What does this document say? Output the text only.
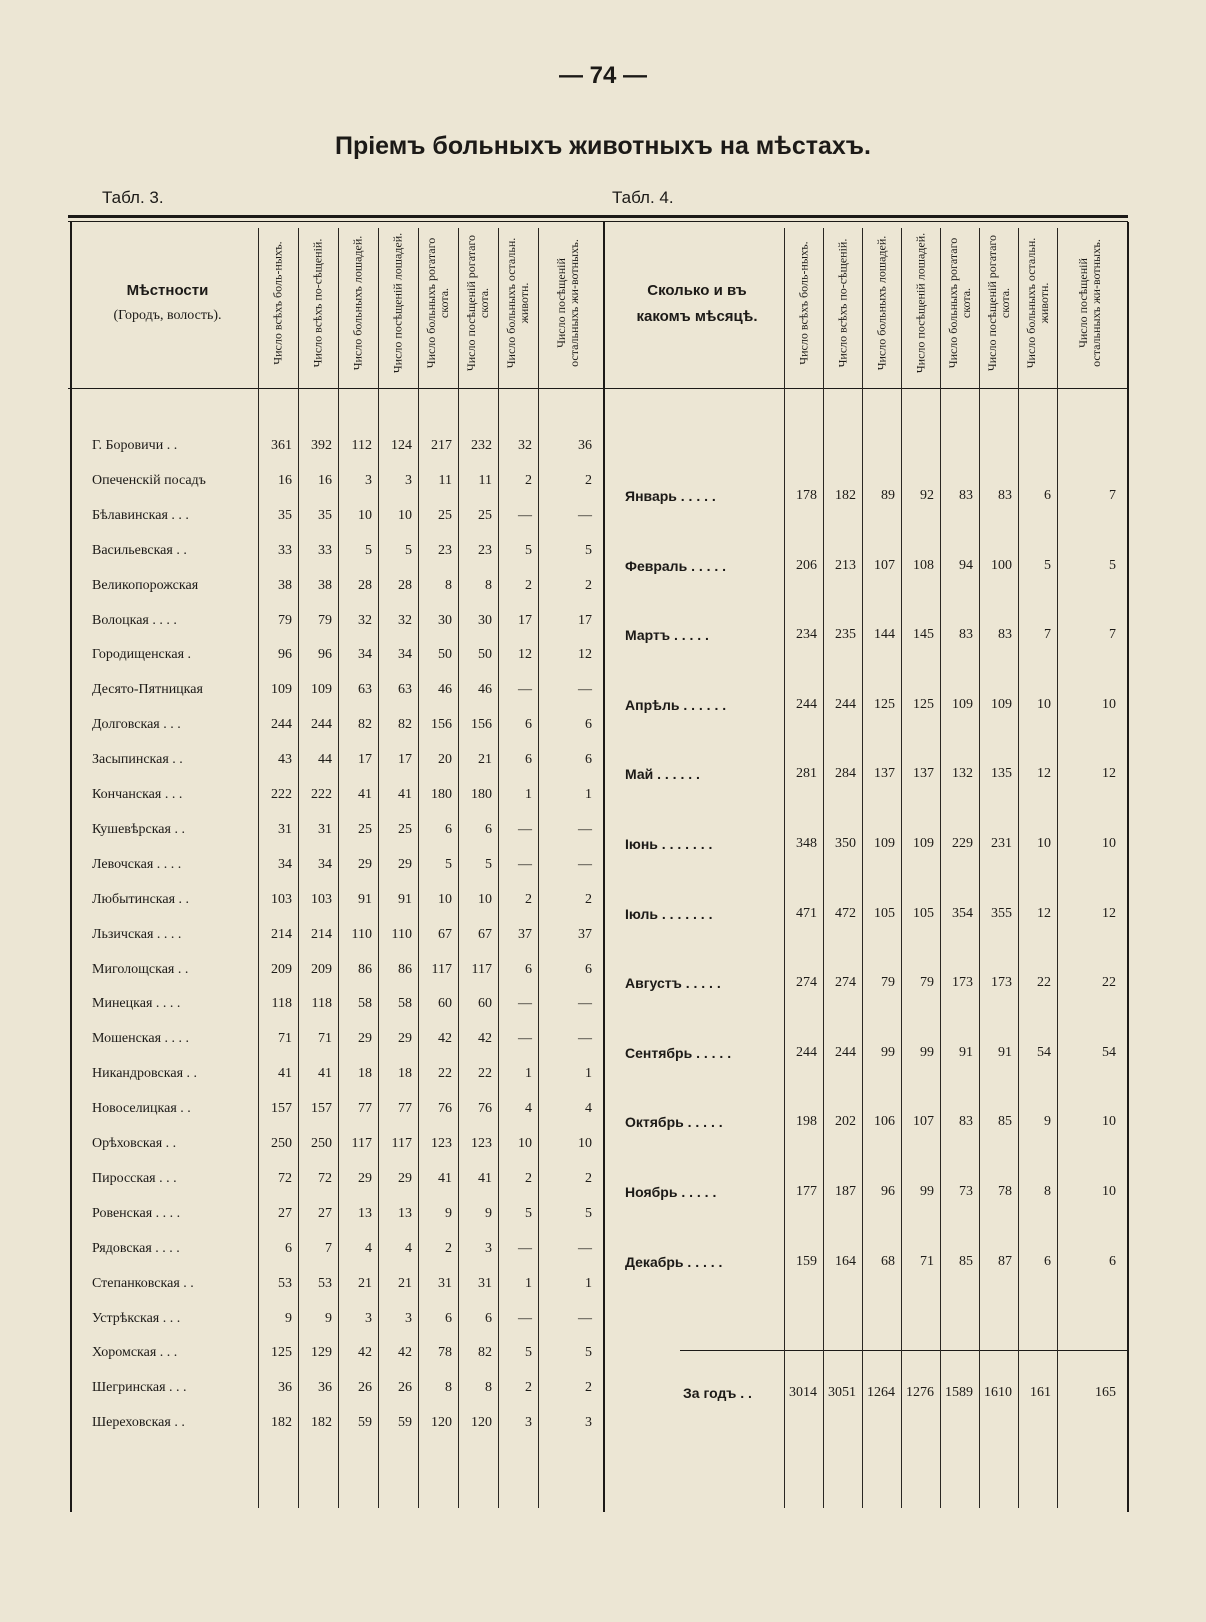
— 74 —
Пріемъ больныхъ животныхъ на мѣстахъ.
Табл. 3.	Табл. 4.
Мѣстности
(Городъ, волость).	Число всѣхъ боль-ныхъ. Число всѣхъ по-сѣщеній. Число больныхъ лошадей. Число посѣщеній лошадей. Число больныхъ рогатаго скота. Число посѣщеній рогатаго скота. Число больныхъ остальн. животн. Число посѣщеній остальныхъ жи-вотныхъ.	Сколько и въ
какомъ мѣсяцѣ.	Число всѣхъ боль-ныхъ. Число всѣхъ по-сѣщеній. Число больныхъ лошадей. Число посѣщеній лошадей. Число больныхъ рогатаго скота. Число посѣщеній рогатаго скота. Число больныхъ остальн. животн. Число посѣщеній остальныхъ жи-вотныхъ.
Г. Боровичи . .	361	392	112	124	217	232	32	36
Опеченскій посадъ	16	16	3	3	11	11	2	2
Бѣлавинская . . .	35	35	10	10	25	25	—	—
Васильевская . .	33	33	5	5	23	23	5	5
Великопорожская	38	38	28	28	8	8	2	2
Волоцкая . . . .	79	79	32	32	30	30	17	17
Городищенская .	96	96	34	34	50	50	12	12
Десято-Пятницкая	109	109	63	63	46	46	—	—
Долговская . . .	244	244	82	82	156	156	6	6
Засыпинская . .	43	44	17	17	20	21	6	6
Кончанская . . .	222	222	41	41	180	180	1	1
Кушевѣрская . .	31	31	25	25	6	6	—	—
Левочская . . . .	34	34	29	29	5	5	—	—
Любытинская . .	103	103	91	91	10	10	2	2
Льзичская . . . .	214	214	110	110	67	67	37	37
Миголощская . .	209	209	86	86	117	117	6	6
Минецкая . . . .	118	118	58	58	60	60	—	—
Мошенская . . . .	71	71	29	29	42	42	—	—
Никандровская . .	41	41	18	18	22	22	1	1
Новоселицкая . .	157	157	77	77	76	76	4	4
Орѣховская . .	250	250	117	117	123	123	10	10
Пиросская . . .	72	72	29	29	41	41	2	2
Ровенская . . . .	27	27	13	13	9	9	5	5
Рядовская . . . .	6	7	4	4	2	3	—	—
Степанковская . .	53	53	21	21	31	31	1	1
Устрѣкская . . .	9	9	3	3	6	6	—	—
Хоромская . . .	125	129	42	42	78	82	5	5
Шегринская . . .	36	36	26	26	8	8	2	2
Шереховская . .	182	182	59	59	120	120	3	3
Январь . . . . .	178	182	89	92	83	83	6	7
Февраль . . . . .	206	213	107	108	94	100	5	5
Мартъ . . . . .	234	235	144	145	83	83	7	7
Апрѣль . . . . . .	244	244	125	125	109	109	10	10
Май . . . . . .	281	284	137	137	132	135	12	12
Іюнь . . . . . . .	348	350	109	109	229	231	10	10
Іюль . . . . . . .	471	472	105	105	354	355	12	12
Августъ . . . . .	274	274	79	79	173	173	22	22
Сентябрь . . . . .	244	244	99	99	91	91	54	54
Октябрь . . . . .	198	202	106	107	83	85	9	10
Ноябрь . . . . .	177	187	96	99	73	78	8	10
Декабрь . . . . .	159	164	68	71	85	87	6	6
За годъ . .	3014 3051 1264 1276 1589 1610	161	165
